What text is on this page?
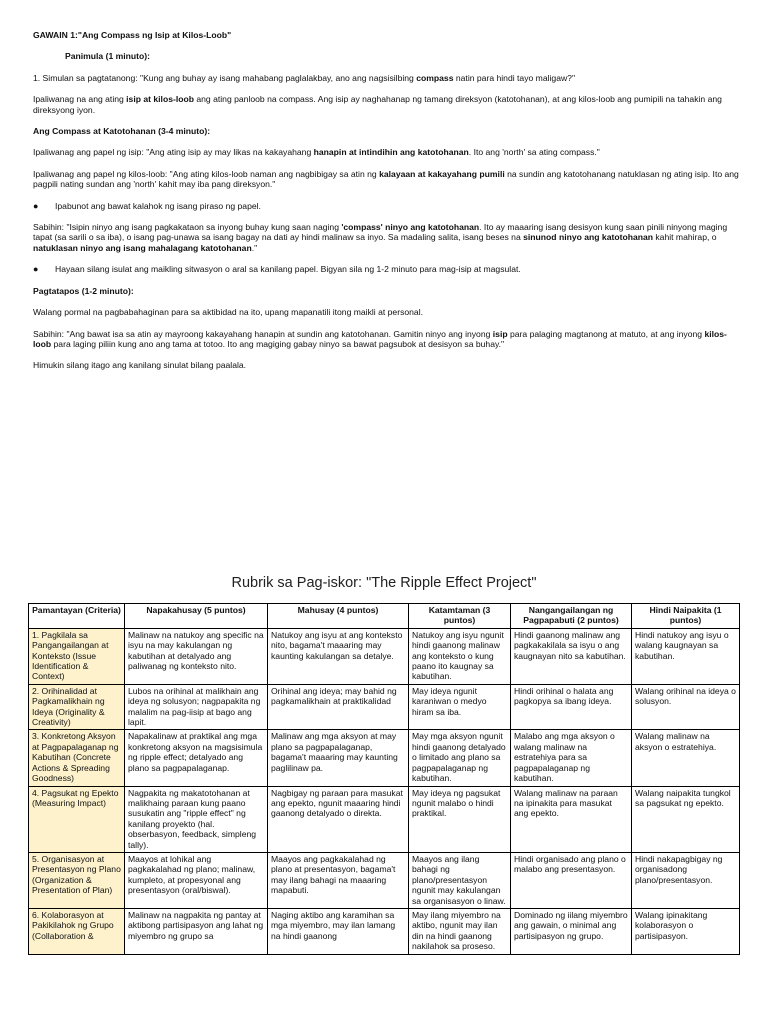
GAWAIN 1:"Ang Compass ng Isip at Kilos-Loob"

Panimula (1 minuto):

1. Simulan sa pagtatanong: "Kung ang buhay ay isang mahabang paglalakbay, ano ang nagsisilbing compass natin para hindi tayo maligaw?"

Ipaliwanag na ang ating isip at kilos-loob ang ating panloob na compass. Ang isip ay naghahanap ng tamang direksyon (katotohanan), at ang kilos-loob ang pumipili na tahakin ang direksyong iyon.

Ang Compass at Katotohanan (3-4 minuto):

Ipaliwanag ang papel ng isip: "Ang ating isip ay may likas na kakayahang hanapin at intindihin ang katotohanan. Ito ang 'north' sa ating compass."

Ipaliwanag ang papel ng kilos-loob: "Ang ating kilos-loob naman ang nagbibigay sa atin ng kalayaan at kakayahang pumili na sundin ang katotohanang natuklasan ng ating isip. Ito ang pagpili nating sundan ang 'north' kahit may iba pang direksyon."

● Ipabunot ang bawat kalahok ng isang piraso ng papel.

Sabihin: "Isipin ninyo ang isang pagkakataon sa inyong buhay kung saan naging 'compass' ninyo ang katotohanan. Ito ay maaaring isang desisyon kung saan pinili ninyong maging tapat (sa sarili o sa iba), o isang pag-unawa sa isang bagay na dati ay hindi malinaw sa inyo. Sa madaling salita, isang beses na sinunod ninyo ang katotohanan kahit mahirap, o natuklasan ninyo ang isang mahalagang katotohanan."

● Hayaan silang isulat ang maikling sitwasyon o aral sa kanilang papel. Bigyan sila ng 1-2 minuto para mag-isip at magsulat.

Pagtatapos (1-2 minuto):

Walang pormal na pagbabahaginan para sa aktibidad na ito, upang mapanatili itong maikli at personal.

Sabihin: "Ang bawat isa sa atin ay mayroong kakayahang hanapin at sundin ang katotohanan. Gamitin ninyo ang inyong isip para palaging magtanong at matuto, at ang inyong kilos-loob para laging piliin kung ano ang tama at totoo. Ito ang magiging gabay ninyo sa bawat pagsubok at desisyon sa buhay."

Himukin silang itago ang kanilang sinulat bilang paalala.

Rubrik sa Pag-iskor: "The Ripple Effect Project"
Pamantayan (Criteria)	Napakahusay (5 puntos)	Mahusay (4 puntos)	Katamtaman (3 puntos)	Nangangailangan ng Pagpapabuti (2 puntos)	Hindi Naipakita (1 puntos)
1. Pagkilala sa Pangangailangan at Konteksto (Issue Identification & Context)	Malinaw na natukoy ang specific na isyu na may kakulangan ng kabutihan at detalyado ang paliwanag ng konteksto nito.	Natukoy ang isyu at ang konteksto nito, bagama't maaaring may kaunting kakulangan sa detalye.	Natukoy ang isyu ngunit hindi gaanong malinaw ang konteksto o kung paano ito kaugnay sa kabutihan.	Hindi gaanong malinaw ang pagkakakilala sa isyu o ang kaugnayan nito sa kabutihan.	Hindi natukoy ang isyu o walang kaugnayan sa kabutihan.
2. Orihinalidad at Pagkamalikhain ng Ideya (Originality & Creativity)	Lubos na orihinal at malikhain ang ideya ng solusyon; nagpapakita ng malalim na pag-iisip at bago ang lapit.	Orihinal ang ideya; may bahid ng pagkamalikhain at praktikalidad	May ideya ngunit karaniwan o medyo hiram sa iba.	Hindi orihinal o halata ang pagkopya sa ibang ideya.	Walang orihinal na ideya o solusyon.
3. Konkretong Aksyon at Pagpapalaganap ng Kabutihan (Concrete Actions & Spreading Goodness)	Napakalinaw at praktikal ang mga konkretong aksyon na magsisimula ng ripple effect; detalyado ang plano sa pagpapalaganap.	Malinaw ang mga aksyon at may plano sa pagpapalaganap, bagama't maaaring may kaunting paglilinaw pa.	May mga aksyon ngunit hindi gaanong detalyado o limitado ang plano sa pagpapalaganap ng kabutihan.	Malabo ang mga aksyon o walang malinaw na estratehiya para sa pagpapalaganap ng kabutihan.	Walang malinaw na aksyon o estratehiya.
4. Pagsukat ng Epekto (Measuring Impact)	Nagpakita ng makatotohanan at malikhaing paraan kung paano susukatin ang "ripple effect" ng kanilang proyekto (hal. obserbasyon, feedback, simpleng tally).	Nagbigay ng paraan para masukat ang epekto, ngunit maaaring hindi gaanong detalyado o direkta.	May ideya ng pagsukat ngunit malabo o hindi praktikal.	Walang malinaw na paraan na ipinakita para masukat ang epekto.	Walang naipakita tungkol sa pagsukat ng epekto.
5. Organisasyon at Presentasyon ng Plano (Organization & Presentation of Plan)	Maayos at lohikal ang pagkakalahad ng plano; malinaw, kumpleto, at propesyonal ang presentasyon (oral/biswal).	Maayos ang pagkakalahad ng plano at presentasyon, bagama't may ilang bahagi na maaaring mapabuti.	Maayos ang ilang bahagi ng plano/presentasyon ngunit may kakulangan sa organisasyon o linaw.	Hindi organisado ang plano o malabo ang presentasyon.	Hindi nakapagbigay ng organisadong plano/presentasyon.
6. Kolaborasyon at Pakikilahok ng Grupo (Collaboration &	Malinaw na nagpakita ng pantay at aktibong partisipasyon ang lahat ng miyembro ng grupo sa	Naging aktibo ang karamihan sa mga miyembro, may ilan lamang na hindi gaanong	May ilang miyembro na aktibo, ngunit may ilan din na hindi gaanong nakilahok sa proseso.	Dominado ng iilang miyembro ang gawain, o minimal ang partisipasyon ng grupo.	Walang ipinakitang kolaborasyon o partisipasyon.
